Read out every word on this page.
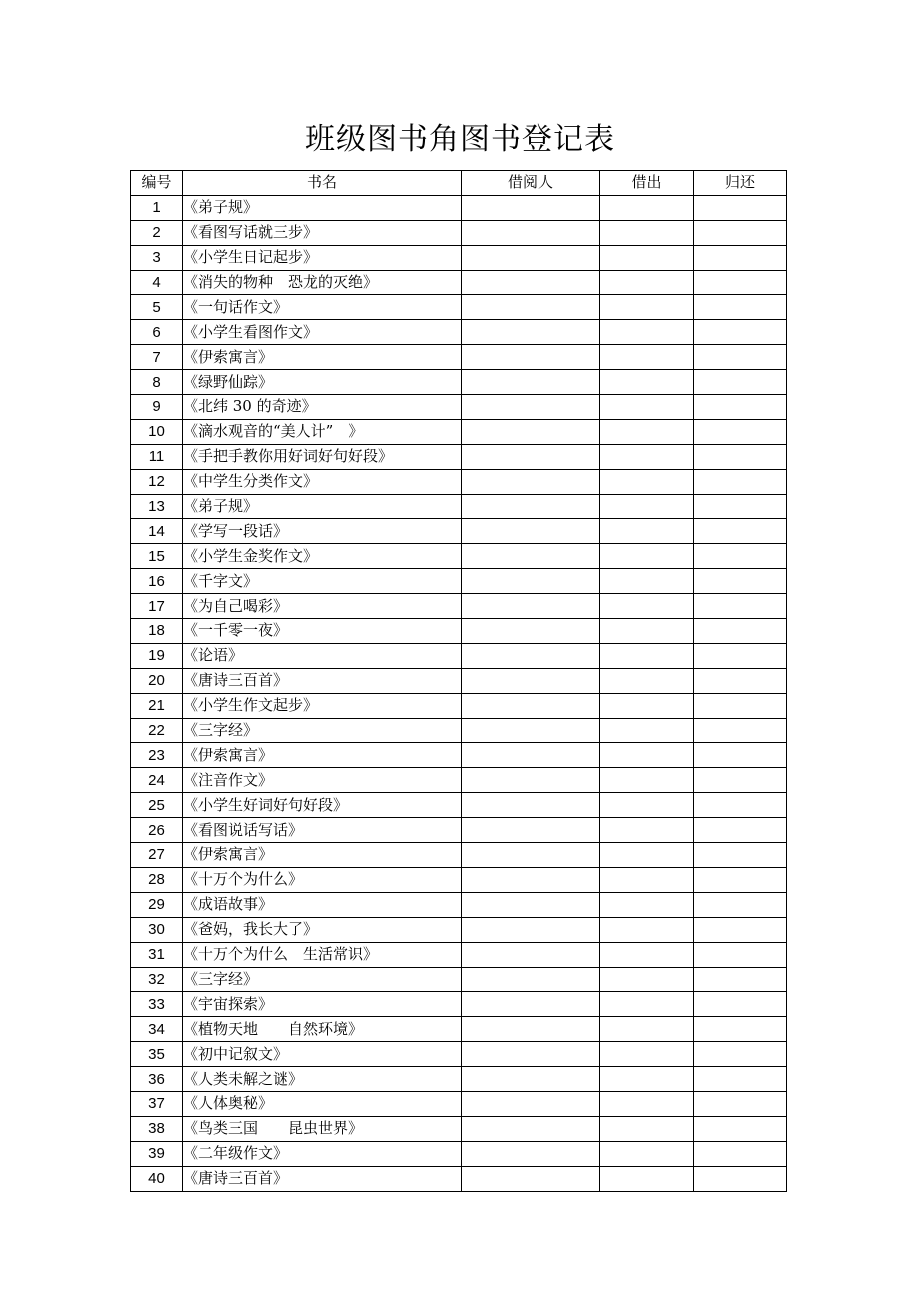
班级图书角图书登记表
编号	书名	借阅人	借出	归还
1	《弟子规》			
2	《看图写话就三步》			
3	《小学生日记起步》			
4	《消失的物种　恐龙的灭绝》			
5	《一句话作文》			
6	《小学生看图作文》			
7	《伊索寓言》			
8	《绿野仙踪》			
9	《北纬 30 的奇迹》			
10	《滴水观音的“美人计”　》			
11	《手把手教你用好词好句好段》			
12	《中学生分类作文》			
13	《弟子规》			
14	《学写一段话》			
15	《小学生金奖作文》			
16	《千字文》			
17	《为自己喝彩》			
18	《一千零一夜》			
19	《论语》			
20	《唐诗三百首》			
21	《小学生作文起步》			
22	《三字经》			
23	《伊索寓言》			
24	《注音作文》			
25	《小学生好词好句好段》			
26	《看图说话写话》			
27	《伊索寓言》			
28	《十万个为什么》			
29	《成语故事》			
30	《爸妈，我长大了》			
31	《十万个为什么　生活常识》			
32	《三字经》			
33	《宇宙探索》			
34	《植物天地　　自然环境》			
35	《初中记叙文》			
36	《人类未解之谜》			
37	《人体奥秘》			
38	《鸟类三国　　昆虫世界》			
39	《二年级作文》			
40	《唐诗三百首》			
